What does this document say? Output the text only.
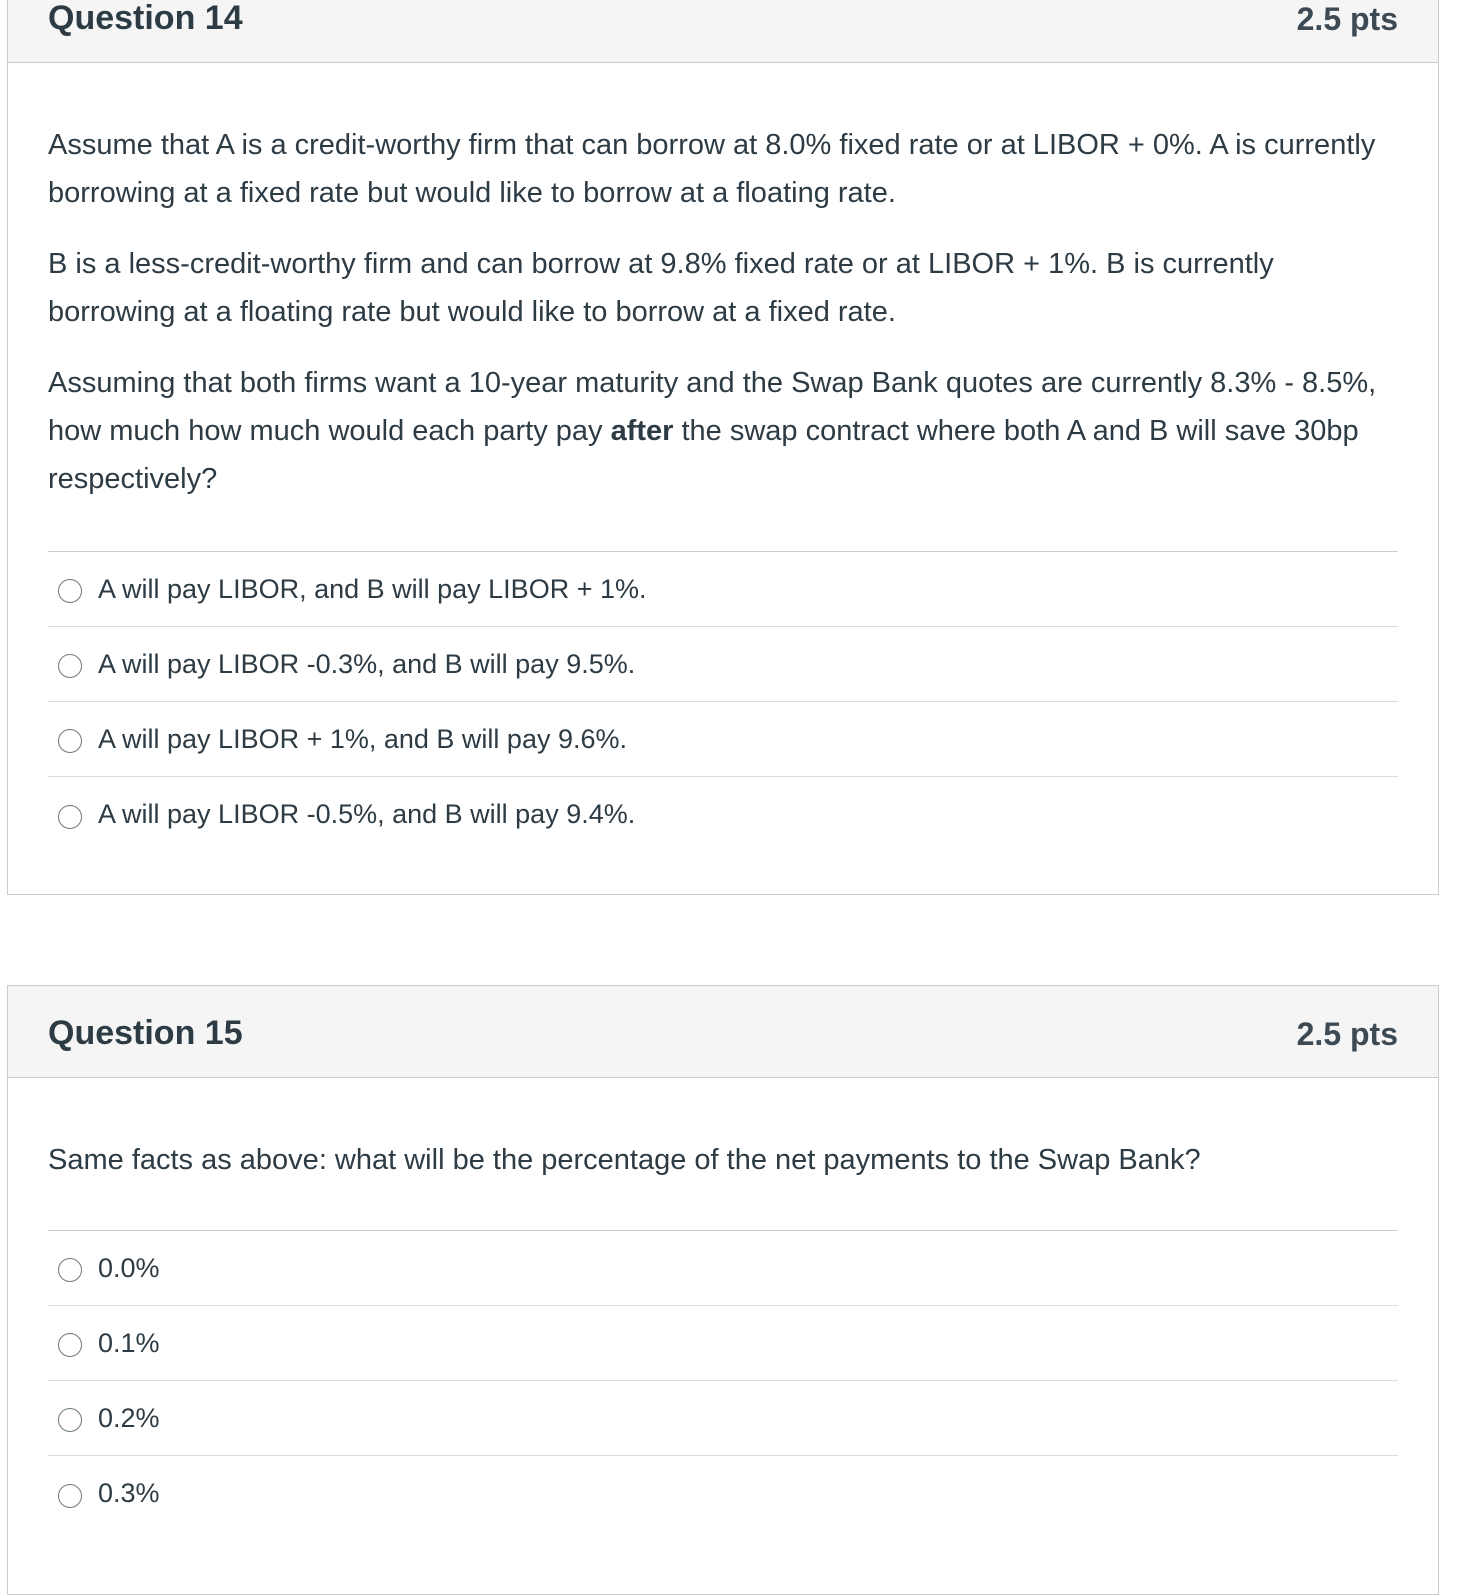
Question 14	2.5 pts

Assume that A is a credit-worthy firm that can borrow at 8.0% fixed rate or at LIBOR + 0%. A is currently borrowing at a fixed rate but would like to borrow at a floating rate.

B is a less-credit-worthy firm and can borrow at 9.8% fixed rate or at LIBOR + 1%. B is currently borrowing at a floating rate but would like to borrow at a fixed rate.

Assuming that both firms want a 10-year maturity and the Swap Bank quotes are currently 8.3% - 8.5%, how much how much would each party pay after the swap contract where both A and B will save 30bp respectively?

A will pay LIBOR, and B will pay LIBOR + 1%.
A will pay LIBOR -0.3%, and B will pay 9.5%.
A will pay LIBOR + 1%, and B will pay 9.6%.
A will pay LIBOR -0.5%, and B will pay 9.4%.
Question 15	2.5 pts

Same facts as above: what will be the percentage of the net payments to the Swap Bank?

0.0%
0.1%
0.2%
0.3%
